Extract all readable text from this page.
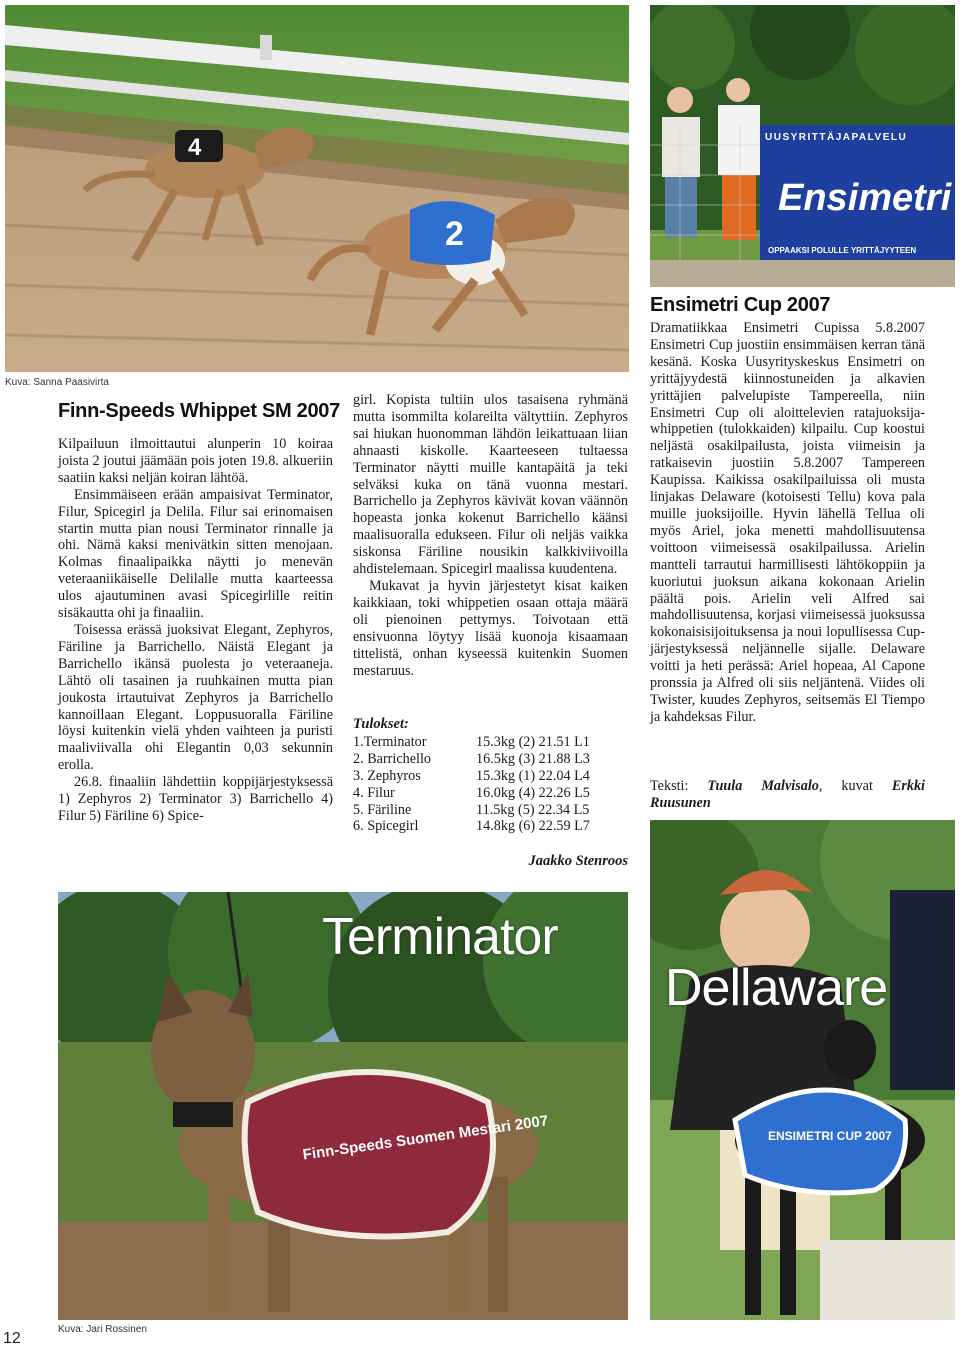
4
2
UUSYRITTÄJAPALVELU
Ensimetri
OPPAAKSI POLULLE YRITTÄJYYTEEN
Kuva: Sanna Paasivirta
Finn-Speeds Whippet SM 2007

Kilpailuun ilmoittautui alunperin 10 koiraa joista 2 joutui jäämään pois joten 19.8. alkueriin saatiin kaksi neljän koiran lähtöä.

Ensimmäiseen erään ampaisivat Terminator, Filur, Spicegirl ja Delila. Filur sai erinomaisen startin mutta pian nousi Terminator rinnalle ja ohi. Nämä kaksi menivätkin sitten menojaan. Kolmas finaalipaikka näytti jo menevän veteraaniikäiselle Delilalle mutta kaarteessa ulos ajautuminen avasi Spicegirlille reitin sisäkautta ohi ja finaaliin.

Toisessa erässä juoksivat Elegant, Zephyros, Färiline ja Barrichello. Näistä Elegant ja Barrichello ikänsä puolesta jo veteraaneja. Lähtö oli tasainen ja ruuhkainen mutta pian joukosta irtautuivat Zephyros ja Barrichello kannoillaan Elegant. Loppusuoralla Färiline löysi kuitenkin vielä yhden vaihteen ja puristi maaliviivalla ohi Elegantin 0,03 sekunnin erolla.

26.8. finaaliin lähdettiin koppijärjestyksessä 1) Zephyros 2) Terminator 3) Barrichello 4) Filur 5) Färiline 6) Spice-

girl. Kopista tultiin ulos tasaisena ryhmänä mutta isommilta kolareilta vältyttiin. Zephyros sai hiukan huonomman lähdön leikattuaan liian ahnaasti kiskolle. Kaarteeseen tultaessa Terminator näytti muille kantapäitä ja teki selväksi kuka on tänä vuonna mestari. Barrichello ja Zephyros kävivät kovan väännön hopeasta jonka kokenut Barrichello käänsi maalisuoralla edukseen. Filur oli neljäs vaikka siskonsa Färiline nousikin kalkkiviivoilla ahdistelemaan. Spicegirl maalissa kuudentena.

Mukavat ja hyvin järjestetyt kisat kaiken kaikkiaan, toki whippetien osaan ottaja määrä oli pienoinen pettymys. Toivotaan että ensivuonna löytyy lisää kuonoja kisaamaan tittelistä, onhan kyseessä kuitenkin Suomen mestaruus.

Tulokset:
1.Terminator	15.3kg (2) 21.51 L1
2. Barrichello	16.5kg (3) 21.88 L3
3. Zephyros	15.3kg (1) 22.04 L4
4. Filur	16.0kg (4) 22.26 L5
5. Färiline	11.5kg (5) 22.34 L5
6. Spicegirl	14.8kg (6) 22.59 L7
Jaakko Stenroos
Ensimetri Cup 2007

Dramatiikkaa Ensimetri Cupissa 5.8.2007 Ensimetri Cup juostiin ensimmäisen kerran tänä kesänä. Koska Uusyrityskeskus Ensimetri on yrittäjyydestä kiinnostuneiden ja alkavien yrittäjien palvelupiste Tampereella, niin Ensimetri Cup oli aloittelevien ratajuoksija-whippetien (tulokkaiden) kilpailu. Cup koostui neljästä osakilpailusta, joista viimeisin ja ratkaisevin juostiin 5.8.2007 Tampereen Kaupissa. Kaikissa osakilpailuissa oli musta linjakas Delaware (kotoisesti Tellu) kova pala muille juoksijoille. Hyvin lähellä Tellua oli myös Ariel, joka menetti mahdollisuutensa voittoon viimeisessä osakilpailussa. Arielin mantteli tarrautui harmillisesti lähtökoppiin ja kuoriutui juoksun aikana kokonaan Arielin päältä pois. Arielin veli Alfred sai mahdollisuutensa, korjasi viimeisessä juoksussa kokonaisisijoituksensa ja noui lopullisessa Cup-järjestyksessä neljännelle sijalle. Delaware voitti ja heti perässä: Ariel hopeaa, Al Capone pronssia ja Alfred oli siis neljäntenä. Viides oli Twister, kuudes Zephyros, seitsemäs El Tiempo ja kahdeksas Filur.

Teksti: Tuula Malvisalo, kuvat Erkki Ruusunen

Finn-Speeds Suomen Mestari 2007
Terminator
ENSIMETRI CUP 2007
Dellaware
Kuva: Jari Rossinen
12
